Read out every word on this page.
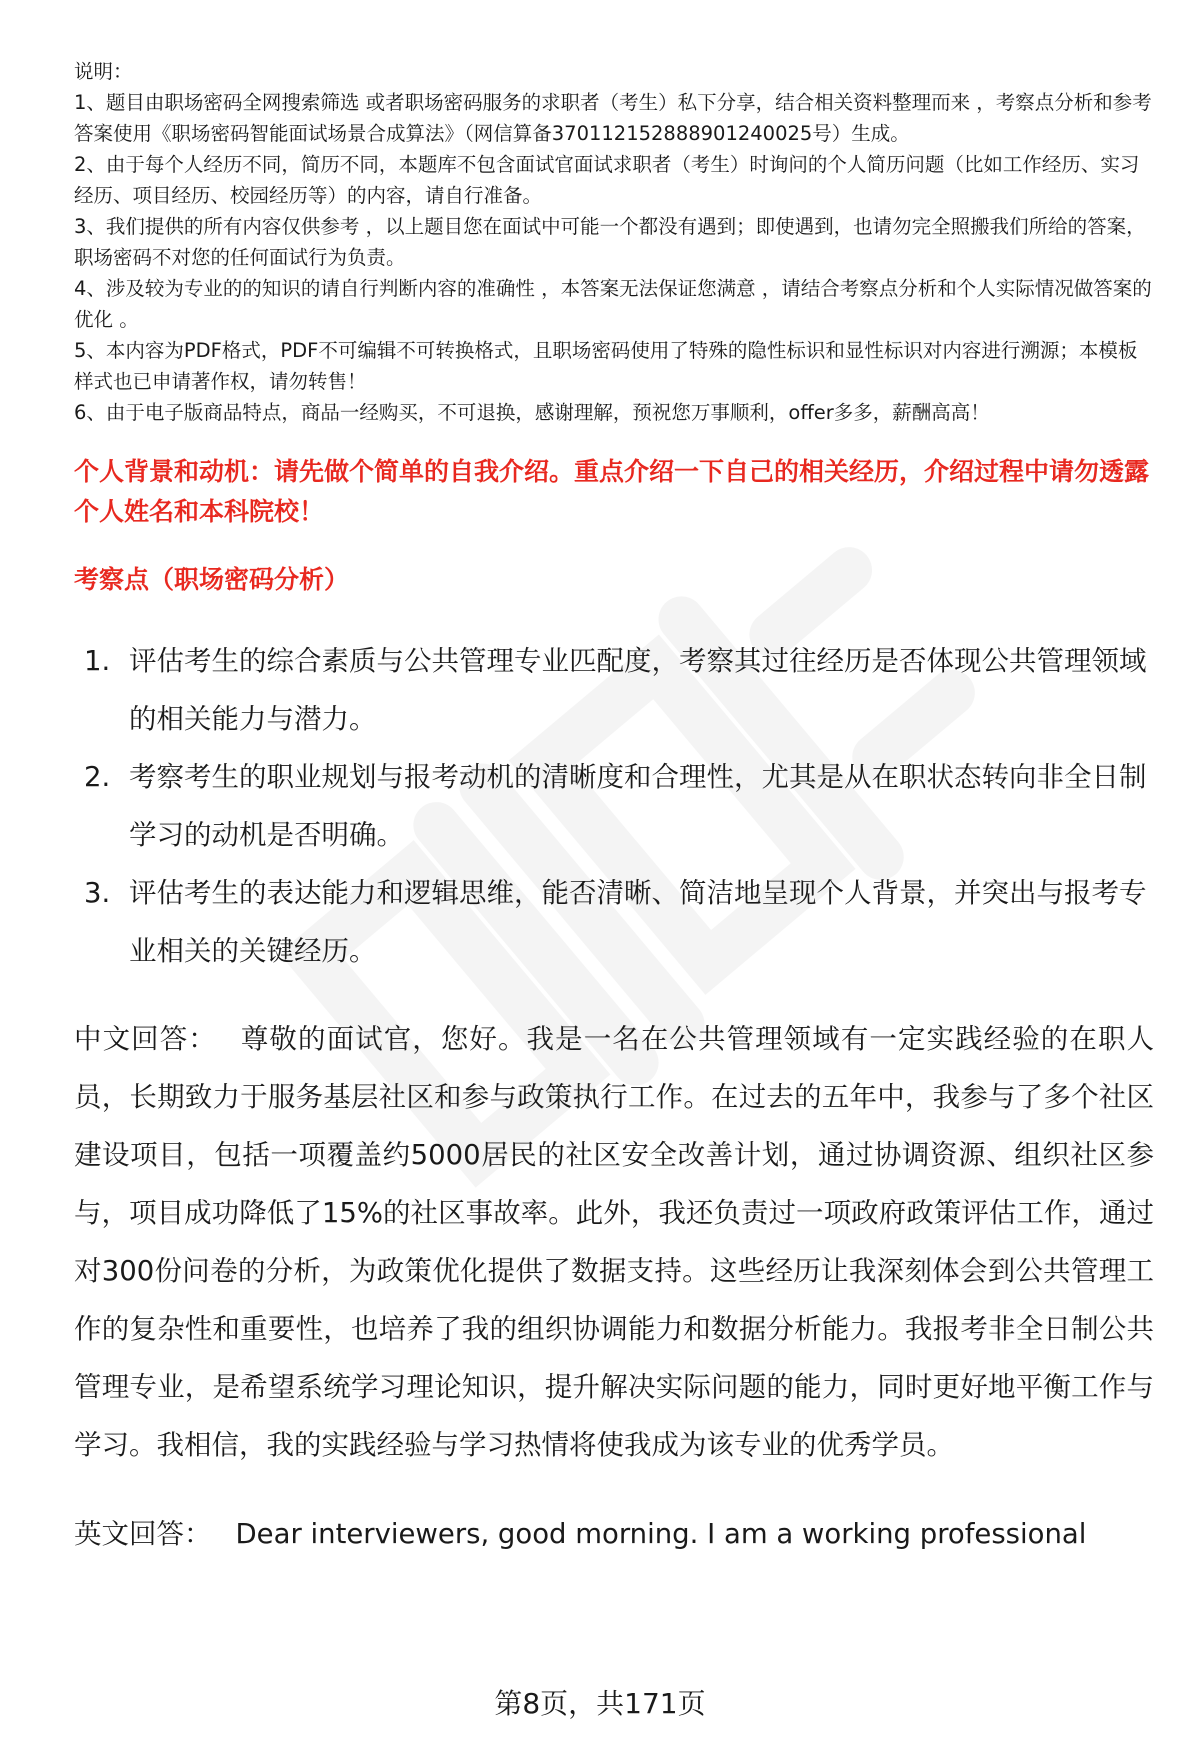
说明：

1、题目由职场密码全网搜索筛选 或者职场密码服务的求职者（考生）私下分享，结合相关资料整理而来 ，考察点分析和参考答案使用《职场密码智能面试场景合成算法》（网信算备370112152888901240025号）生成。

2、由于每个人经历不同，简历不同，本题库不包含面试官面试求职者（考生）时询问的个人简历问题（比如工作经历、实习经历、项目经历、校园经历等）的内容，请自行准备。

3、我们提供的所有内容仅供参考 ，以上题目您在面试中可能一个都没有遇到；即使遇到，也请勿完全照搬我们所给的答案，职场密码不对您的任何面试行为负责。

4、涉及较为专业的的知识的请自行判断内容的准确性 ，本答案无法保证您满意 ，请结合考察点分析和个人实际情况做答案的优化 。

5、本内容为PDF格式，PDF不可编辑不可转换格式，且职场密码使用了特殊的隐性标识和显性标识对内容进行溯源；本模板样式也已申请著作权，请勿转售！

6、由于电子版商品特点，商品一经购买，不可退换，感谢理解，预祝您万事顺利，offer多多，薪酬高高！

个人背景和动机：请先做个简单的自我介绍。重点介绍一下自己的相关经历，介绍过程中请勿透露个人姓名和本科院校！
考察点（职场密码分析）
1. 评估考生的综合素质与公共管理专业匹配度，考察其过往经历是否体现公共管理领域的相关能力与潜力。
2. 考察考生的职业规划与报考动机的清晰度和合理性，尤其是从在职状态转向非全日制学习的动机是否明确。
3. 评估考生的表达能力和逻辑思维，能否清晰、简洁地呈现个人背景，并突出与报考专业相关的关键经历。
中文回答： 尊敬的面试官，您好。我是一名在公共管理领域有一定实践经验的在职人员，长期致力于服务基层社区和参与政策执行工作。在过去的五年中，我参与了多个社区建设项目，包括一项覆盖约5000居民的社区安全改善计划，通过协调资源、组织社区参与，项目成功降低了15%的社区事故率。此外，我还负责过一项政府政策评估工作，通过对300份问卷的分析，为政策优化提供了数据支持。这些经历让我深刻体会到公共管理工作的复杂性和重要性，也培养了我的组织协调能力和数据分析能力。我报考非全日制公共管理专业，是希望系统学习理论知识，提升解决实际问题的能力，同时更好地平衡工作与学习。我相信，我的实践经验与学习热情将使我成为该专业的优秀学员。
英文回答： Dear interviewers, good morning. I am a working professional
第8页，共171页
